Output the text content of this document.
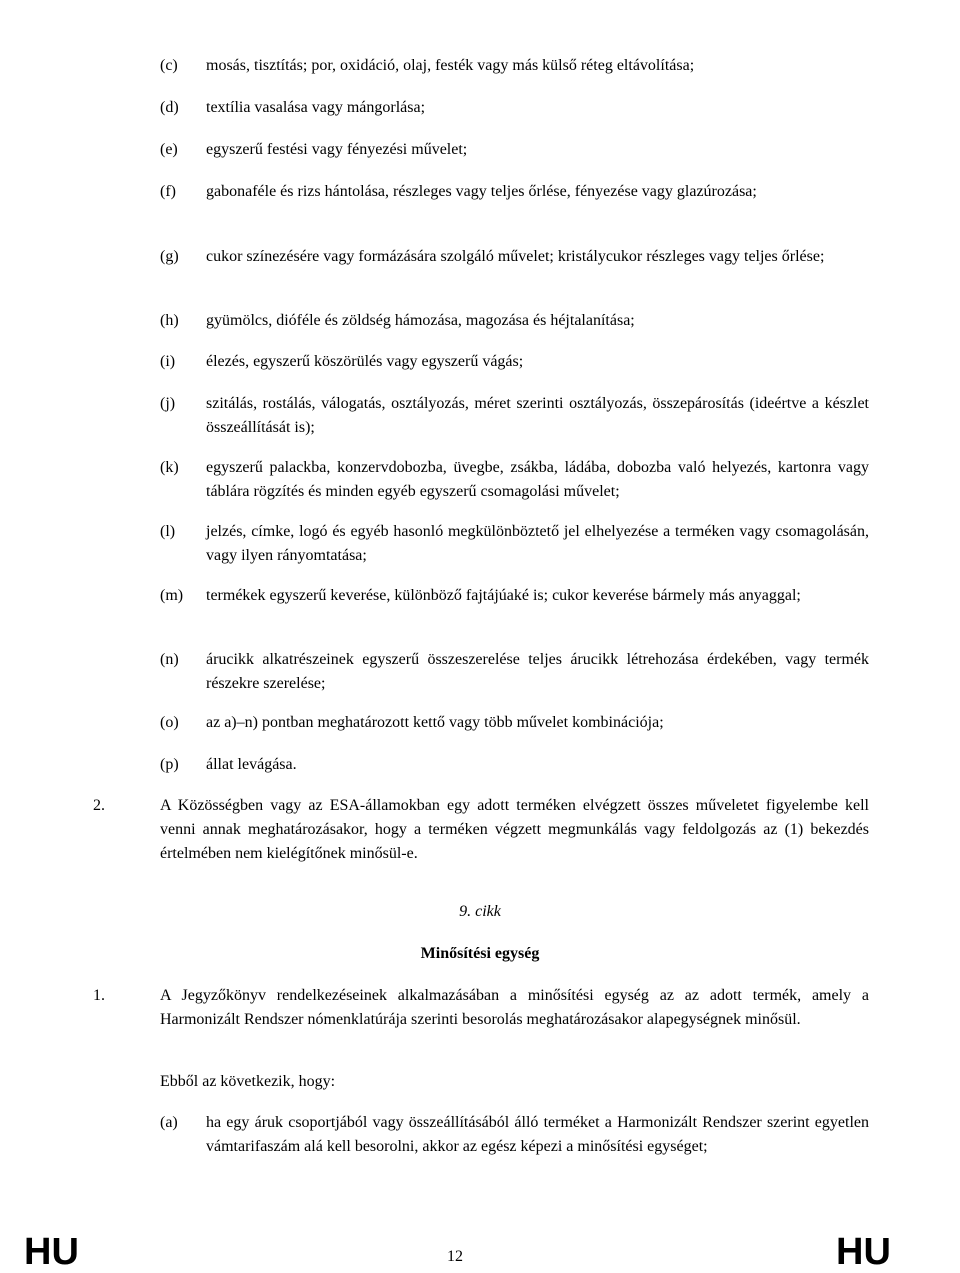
(c) mosás, tisztítás; por, oxidáció, olaj, festék vagy más külső réteg eltávolítása;
(d) textília vasalása vagy mángorlása;
(e) egyszerű festési vagy fényezési művelet;
(f) gabonaféle és rizs hántolása, részleges vagy teljes őrlése, fényezése vagy glazúrozása;
(g) cukor színezésére vagy formázására szolgáló művelet; kristálycukor részleges vagy teljes őrlése;
(h) gyümölcs, dióféle és zöldség hámozása, magozása és héjtalanítása;
(i) élezés, egyszerű köszörülés vagy egyszerű vágás;
(j) szitálás, rostálás, válogatás, osztályozás, méret szerinti osztályozás, összepárosítás (ideértve a készlet összeállítását is);
(k) egyszerű palackba, konzervdobozba, üvegbe, zsákba, ládába, dobozba való helyezés, kartonra vagy táblára rögzítés és minden egyéb egyszerű csomagolási művelet;
(l) jelzés, címke, logó és egyéb hasonló megkülönböztető jel elhelyezése a terméken vagy csomagolásán, vagy ilyen rányomtatása;
(m) termékek egyszerű keverése, különböző fajtájúaké is; cukor keverése bármely más anyaggal;
(n) árucikk alkatrészeinek egyszerű összeszerelése teljes árucikk létrehozása érdekében, vagy termék részekre szerelése;
(o) az a)‒n) pontban meghatározott kettő vagy több művelet kombinációja;
(p) állat levágása.
2.	A Közösségben vagy az ESA-államokban egy adott terméken elvégzett összes műveletet figyelembe kell venni annak meghatározásakor, hogy a terméken végzett megmunkálás vagy feldolgozás az (1) bekezdés értelmében nem kielégítőnek minősül-e.
9. cikk
Minősítési egység
1.	A Jegyzőkönyv rendelkezéseinek alkalmazásában a minősítési egység az az adott termék, amely a Harmonizált Rendszer nómenklatúrája szerinti besorolás meghatározásakor alapegységnek minősül.
Ebből az következik, hogy:
(a) ha egy áruk csoportjából vagy összeállításából álló terméket a Harmonizált Rendszer szerint egyetlen vámtarifaszám alá kell besorolni, akkor az egész képezi a minősítési egységet;
HU	12	HU
